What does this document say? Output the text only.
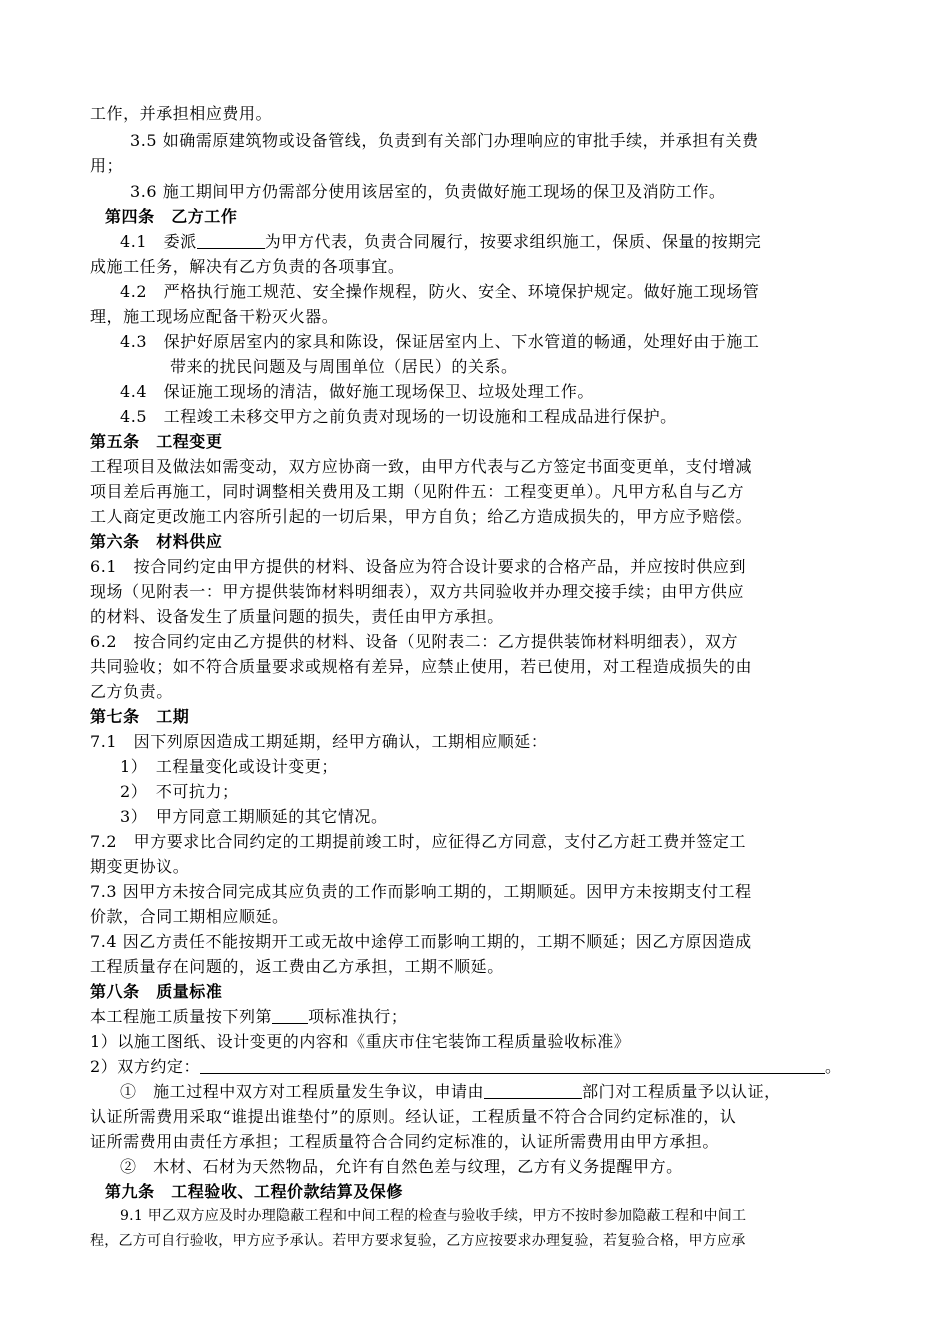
工作，并承担相应费用。
3.5 如确需原建筑物或设备管线，负责到有关部门办理响应的审批手续，并承担有关费
用；
3.6 施工期间甲方仍需部分使用该居室的，负责做好施工现场的保卫及消防工作。
第四条　乙方工作
4.1　委派	为甲方代表，负责合同履行，按要求组织施工，保质、保量的按期完
成施工任务，解决有乙方负责的各项事宜。
4.2　严格执行施工规范、安全操作规程，防火、安全、环境保护规定。做好施工现场管
理，施工现场应配备干粉灭火器。
4.3　保护好原居室内的家具和陈设，保证居室内上、下水管道的畅通，处理好由于施工
带来的扰民问题及与周围单位（居民）的关系。
4.4　保证施工现场的清洁，做好施工现场保卫、垃圾处理工作。
4.5　工程竣工未移交甲方之前负责对现场的一切设施和工程成品进行保护。
第五条　工程变更
工程项目及做法如需变动，双方应协商一致，由甲方代表与乙方签定书面变更单，支付增减
项目差后再施工，同时调整相关费用及工期（见附件五：工程变更单）。凡甲方私自与乙方
工人商定更改施工内容所引起的一切后果，甲方自负；给乙方造成损失的，甲方应予赔偿。
第六条　材料供应
6.1　按合同约定由甲方提供的材料、设备应为符合设计要求的合格产品，并应按时供应到
现场（见附表一：甲方提供装饰材料明细表），双方共同验收并办理交接手续；由甲方供应
的材料、设备发生了质量问题的损失，责任由甲方承担。
6.2　按合同约定由乙方提供的材料、设备（见附表二：乙方提供装饰材料明细表），双方
共同验收；如不符合质量要求或规格有差异，应禁止使用，若已使用，对工程造成损失的由
乙方负责。
第七条　工期
7.1　因下列原因造成工期延期，经甲方确认，工期相应顺延：
1）　工程量变化或设计变更；
2）　不可抗力；
3）　甲方同意工期顺延的其它情况。
7.2　甲方要求比合同约定的工期提前竣工时，应征得乙方同意，支付乙方赶工费并签定工
期变更协议。
7.3 因甲方未按合同完成其应负责的工作而影响工期的，工期顺延。因甲方未按期支付工程
价款，合同工期相应顺延。
7.4 因乙方责任不能按期开工或无故中途停工而影响工期的，工期不顺延；因乙方原因造成
工程质量存在问题的，返工费由乙方承担，工期不顺延。
第八条　质量标准
本工程施工质量按下列第 项标准执行；
1）以施工图纸、设计变更的内容和《重庆市住宅装饰工程质量验收标准》
2）双方约定：	。
①　施工过程中双方对工程质量发生争议，申请由	部门对工程质量予以认证，
认证所需费用采取“谁提出谁垫付”的原则。经认证，工程质量不符合合同约定标准的，认
证所需费用由责任方承担；工程质量符合合同约定标准的，认证所需费用由甲方承担。
②　木材、石材为天然物品，允许有自然色差与纹理，乙方有义务提醒甲方。
第九条　工程验收、工程价款结算及保修
9.1 甲乙双方应及时办理隐蔽工程和中间工程的检查与验收手续，甲方不按时参加隐蔽工程和中间工
程，乙方可自行验收，甲方应予承认。若甲方要求复验，乙方应按要求办理复验，若复验合格，甲方应承
